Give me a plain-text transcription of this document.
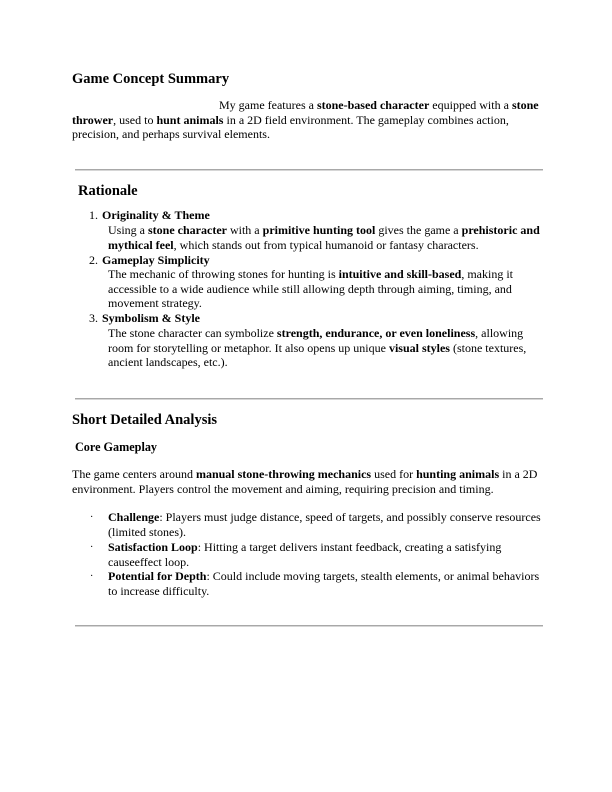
Game Concept Summary
My game features a stone-based character equipped with a stone thrower, used to hunt animals in a 2D field environment. The gameplay combines action, precision, and perhaps survival elements.
Rationale
1. Originality & Theme
Using a stone character with a primitive hunting tool gives the game a prehistoric and mythical feel, which stands out from typical humanoid or fantasy characters.
2. Gameplay Simplicity
The mechanic of throwing stones for hunting is intuitive and skill-based, making it accessible to a wide audience while still allowing depth through aiming, timing, and movement strategy.
3. Symbolism & Style
The stone character can symbolize strength, endurance, or even loneliness, allowing room for storytelling or metaphor. It also opens up unique visual styles (stone textures, ancient landscapes, etc.).
Short Detailed Analysis
Core Gameplay
The game centers around manual stone-throwing mechanics used for hunting animals in a 2D environment. Players control the movement and aiming, requiring precision and timing.
· Challenge: Players must judge distance, speed of targets, and possibly conserve resources (limited stones).
· Satisfaction Loop: Hitting a target delivers instant feedback, creating a satisfying causeeffect loop.
· Potential for Depth: Could include moving targets, stealth elements, or animal behaviors to increase difficulty.
